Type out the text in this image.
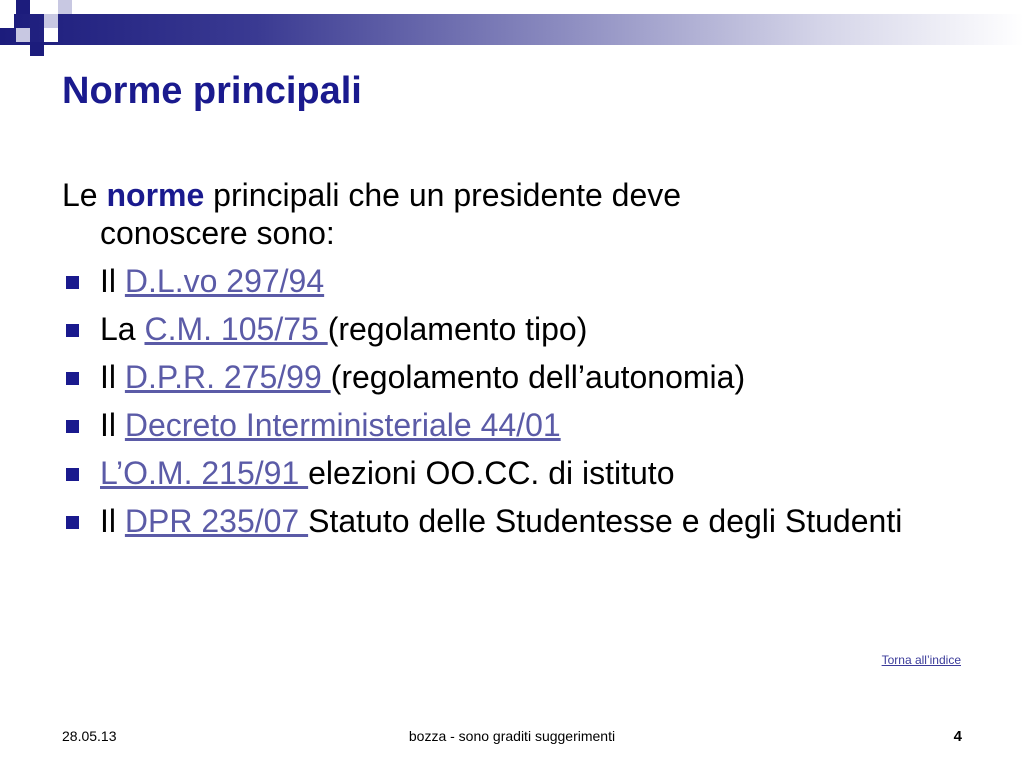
Norme principali
Le norme principali che un presidente deve
conoscere sono:
Il D.L.vo 297/94
La C.M. 105/75 (regolamento tipo)
Il D.P.R. 275/99 (regolamento dell’autonomia)
Il Decreto Interministeriale 44/01
L’O.M. 215/91 elezioni OO.CC. di istituto
Il DPR 235/07 Statuto delle Studentesse e degli Studenti
Torna all’indice
28.05.13	bozza - sono graditi suggerimenti	4
